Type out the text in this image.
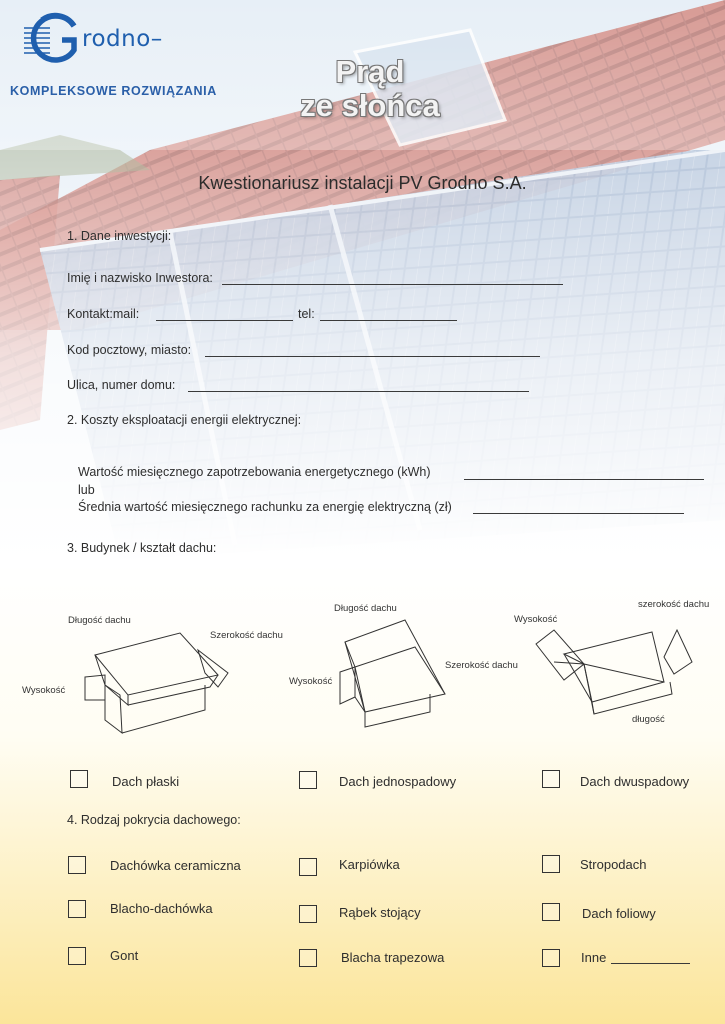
rodno–
KOMPLEKSOWE ROZWIĄZANIA
Prąd
ze słońca
Kwestionariusz instalacji PV Grodno S.A.
1. Dane inwestycji:
Imię i nazwisko Inwestora:
Kontakt:mail:	tel:
Kod pocztowy, miasto:
Ulica, numer domu:
2. Koszty eksploatacji energii elektrycznej:
Wartość miesięcznego zapotrzebowania energetycznego (kWh)
lub
Średnia wartość miesięcznego rachunku za energię elektryczną (zł)
3. Budynek / kształt dachu:
Długość dachu
Szerokość dachu
Wysokość
Długość dachu
Szerokość dachu
Wysokość
szerokość dachu
Wysokość
długość
Dach płaski	Dach jednospadowy	Dach dwuspadowy
4. Rodzaj pokrycia dachowego:
Dachówka ceramiczna	Karpiówka	Stropodach
Blacho-dachówka	Rąbek stojący	Dach foliowy
Gont	Blacha trapezowa	Inne
